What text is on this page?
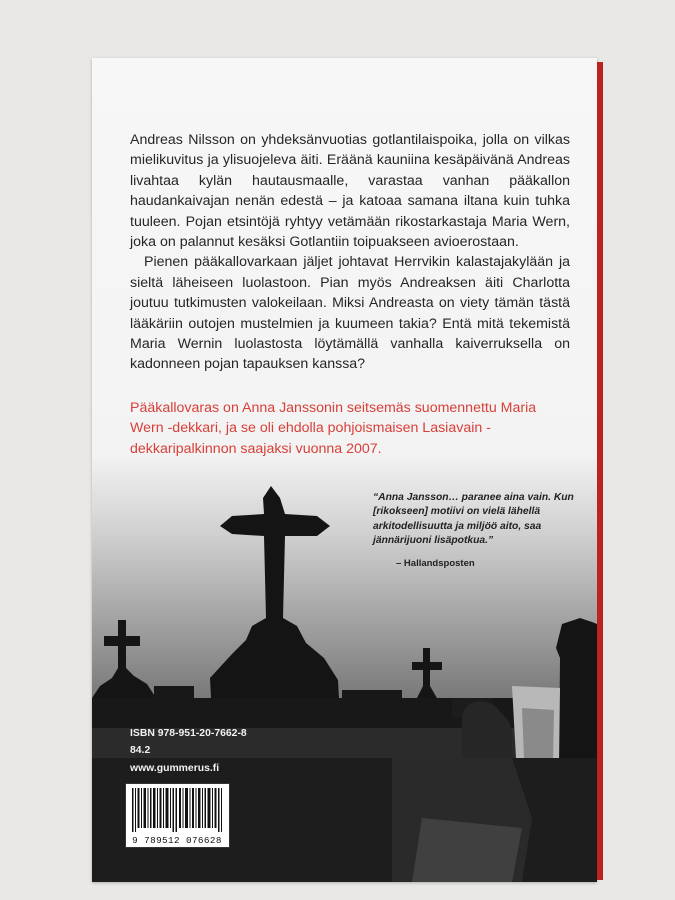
Andreas Nilsson on yhdeksänvuotias gotlantilaispoika, jolla on vilkas mielikuvitus ja ylisuojeleva äiti. Eräänä kauniina kesäpäivänä Andreas livahtaa kylän hautausmaalle, varastaa vanhan pääkallon haudankaivajan nenän edestä – ja katoaa samana iltana kuin tuhka tuuleen. Pojan etsintöjä ryhtyy vetämään rikostarkastaja Maria Wern, joka on palannut kesäksi Gotlantiin toipuakseen avioerostaan.

Pienen pääkallovarkaan jäljet johtavat Herrvikin kalastajakylään ja sieltä läheiseen luolastoon. Pian myös Andreaksen äiti Charlotta joutuu tutkimusten valokeilaan. Miksi Andreasta on viety tämän tästä lääkäriin outojen mustelmien ja kuumeen takia? Entä mitä tekemistä Maria Wernin luolastosta löytämällä vanhalla kaiverruksella on kadonneen pojan tapauksen kanssa?

Pääkallovaras on Anna Janssonin seitsemäs suomennettu Maria Wern -dekkari, ja se oli ehdolla pohjoismaisen Lasiavain -dekkaripalkinnon saajaksi vuonna 2007.

“Anna Jansson… paranee aina vain. Kun [rikokseen] motiivi on vielä lähellä arkitodellisuutta ja miljöö aito, saa jännärijuoni lisäpotkua.”

– Hallandsposten
ISBN 978-951-20-7662-8
84.2
www.gummerus.fi
9 789512 076628
